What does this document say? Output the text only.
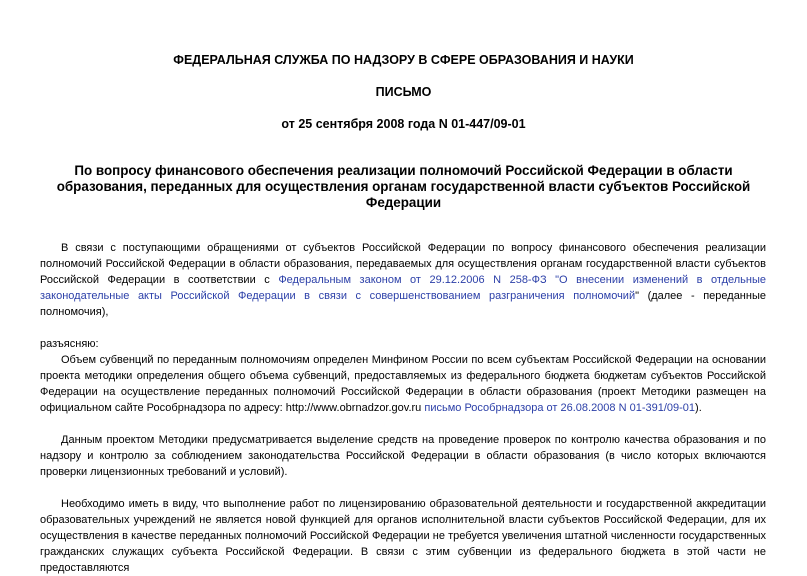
ФЕДЕРАЛЬНАЯ СЛУЖБА ПО НАДЗОРУ В СФЕРЕ ОБРАЗОВАНИЯ И НАУКИ
ПИСЬМО
от 25 сентября 2008 года N 01-447/09-01
По вопросу финансового обеспечения реализации полномочий Российской Федерации в области образования, переданных для осуществления органам государственной власти субъектов Российской Федерации

В связи с поступающими обращениями от субъектов Российской Федерации по вопросу финансового обеспечения реализации полномочий Российской Федерации в области образования, передаваемых для осуществления органам государственной власти субъектов Российской Федерации в соответствии с Федеральным законом от 29.12.2006 N 258-ФЗ "О внесении изменений в отдельные законодательные акты Российской Федерации в связи с совершенствованием разграничения полномочий" (далее - переданные полномочия),

разъясняю:

Объем субвенций по переданным полномочиям определен Минфином России по всем субъектам Российской Федерации на основании проекта методики определения общего объема субвенций, предоставляемых из федерального бюджета бюджетам субъектов Российской Федерации на осуществление переданных полномочий Российской Федерации в области образования (проект Методики размещен на официальном сайте Рособрнадзора по адресу: http://www.obrnadzor.gov.ru письмо Рособрнадзора от 26.08.2008 N 01-391/09-01).

Данным проектом Методики предусматривается выделение средств на проведение проверок по контролю качества образования и по надзору и контролю за соблюдением законодательства Российской Федерации в области образования (в число которых включаются проверки лицензионных требований и условий).

Необходимо иметь в виду, что выполнение работ по лицензированию образовательной деятельности и государственной аккредитации образовательных учреждений не является новой функцией для органов исполнительной власти субъектов Российской Федерации, для их осуществления в качестве переданных полномочий Российской Федерации не требуется увеличения штатной численности государственных гражданских служащих субъекта Российской Федерации. В связи с этим субвенции из федерального бюджета в этой части не предоставляются
